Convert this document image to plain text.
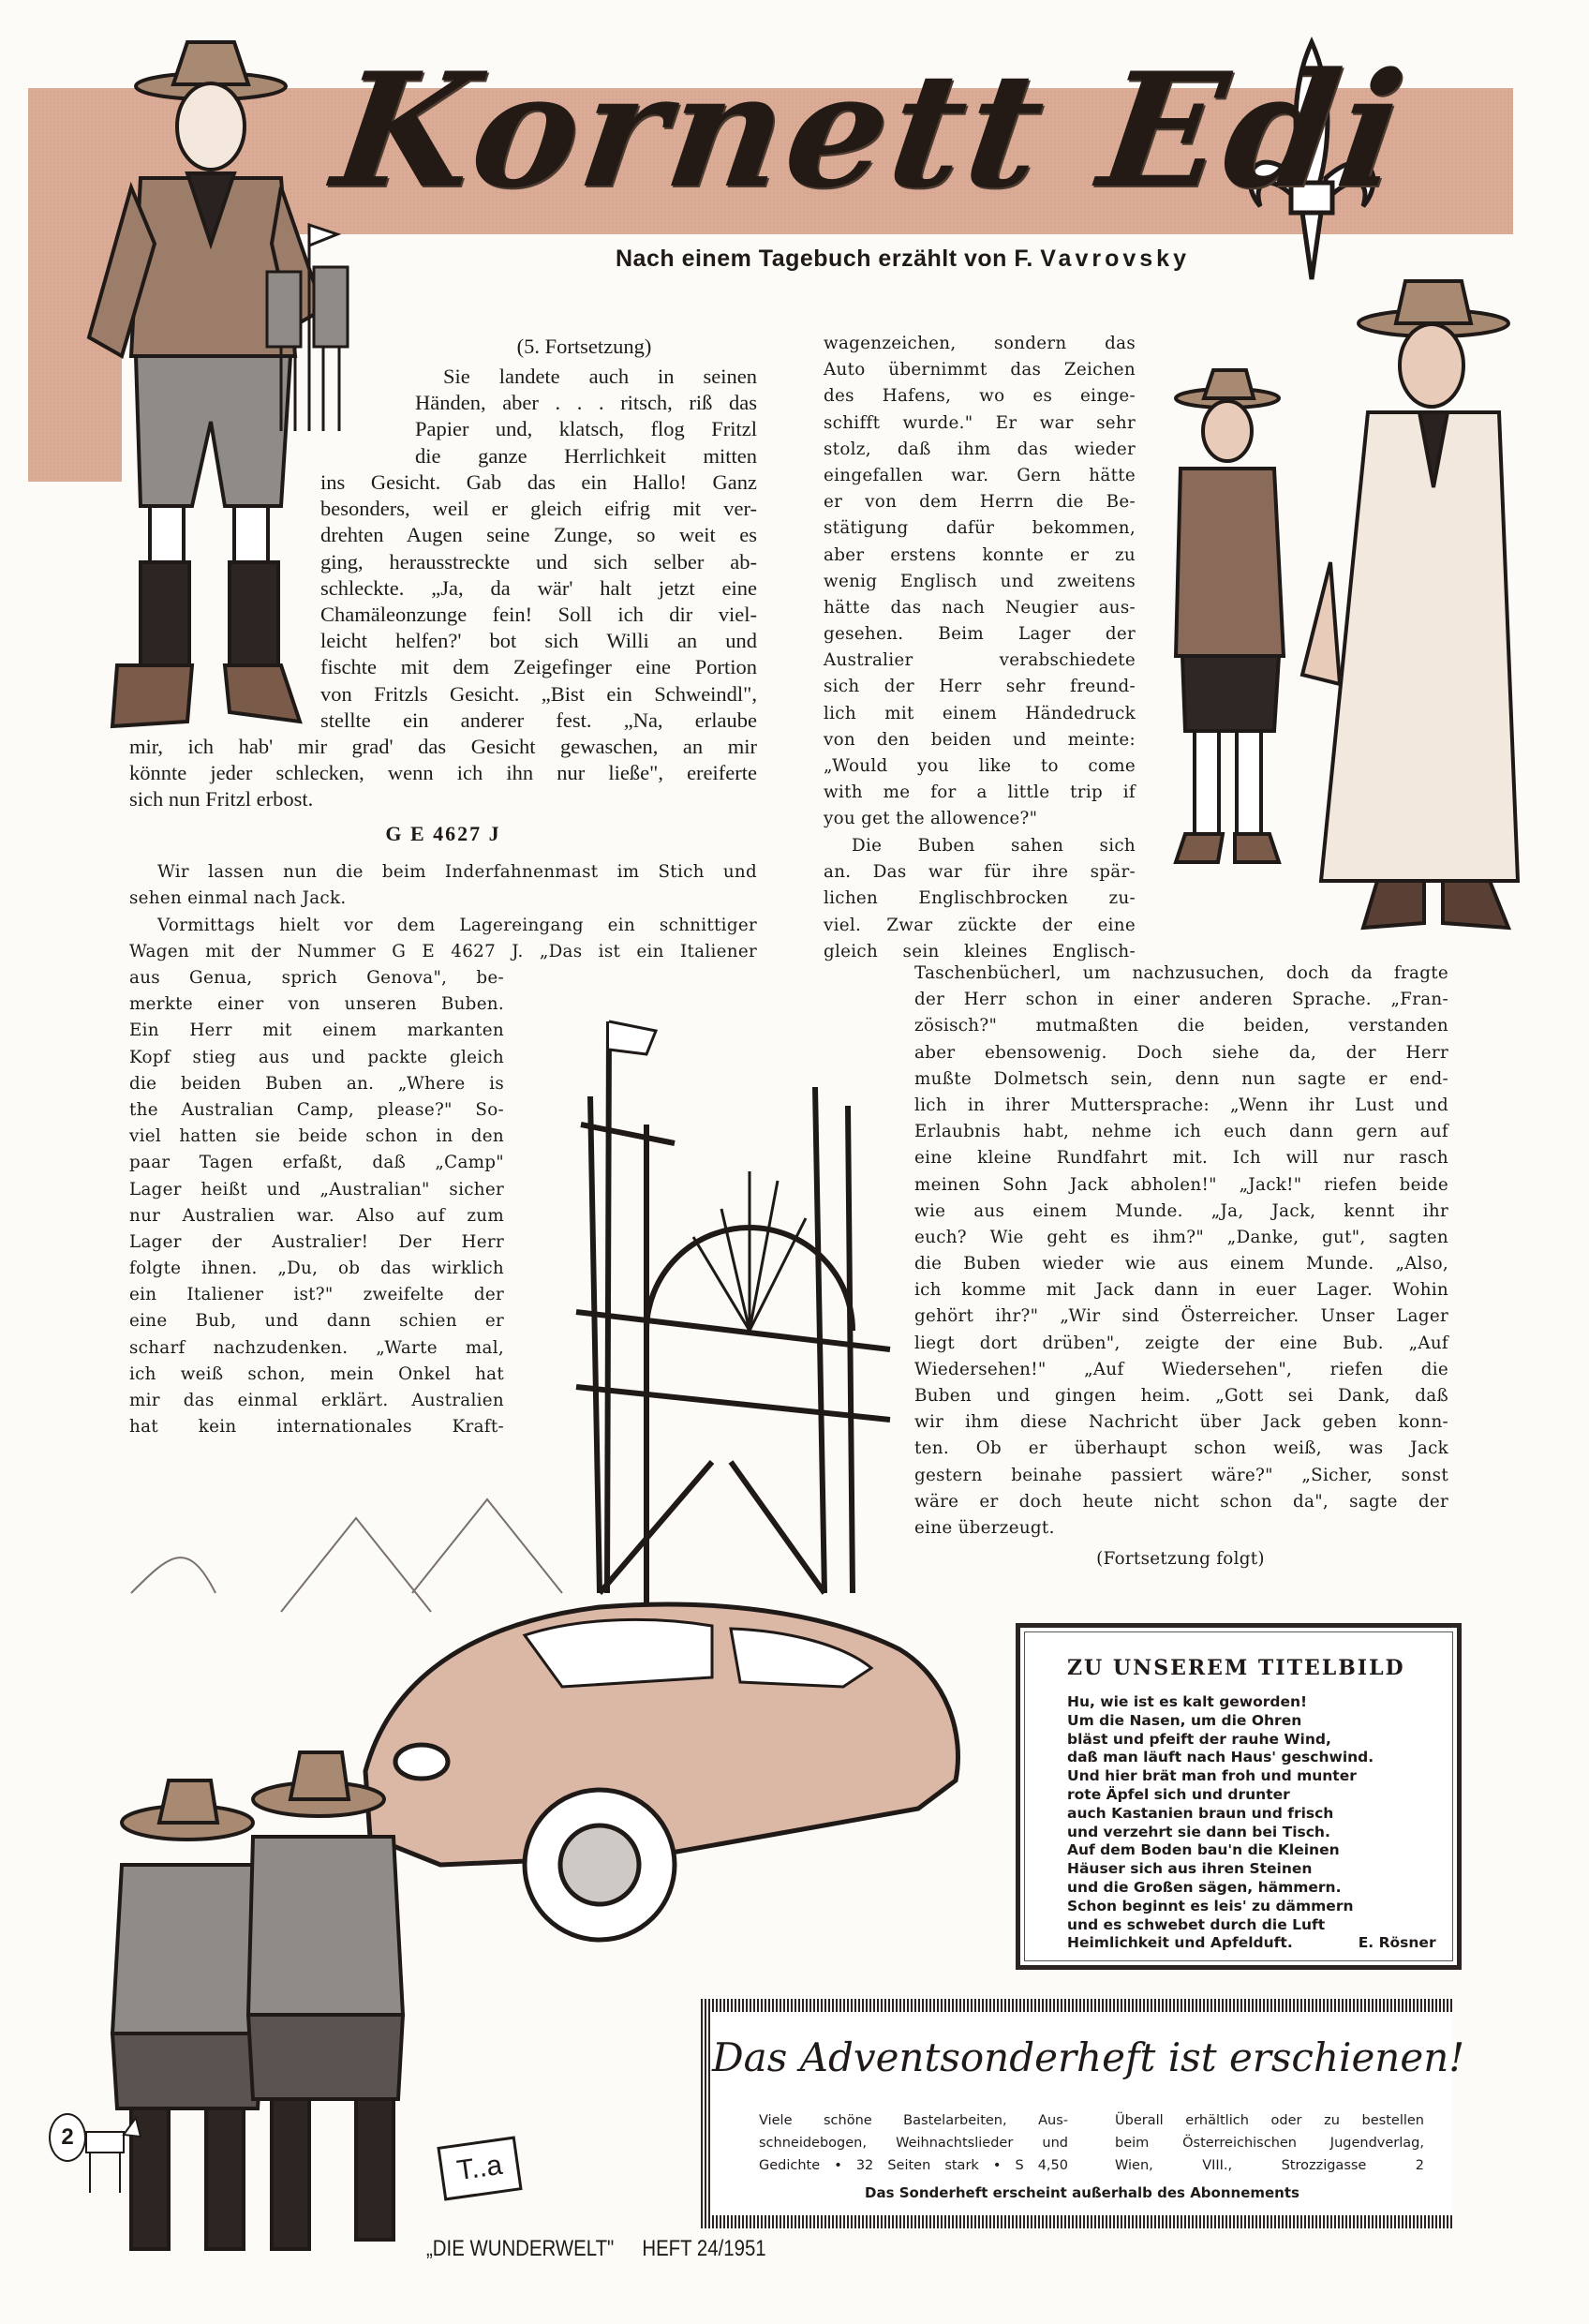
Kornett Edi
Nach einem Tagebuch erzählt von F. Vavrovsky
(5. Fortsetzung)
Sie landete auch in seinen
Händen, aber . . . ritsch, riß das
Papier und, klatsch, flog Fritzl
die ganze Herrlichkeit mitten
ins Gesicht. Gab das ein Hallo! Ganz
besonders, weil er gleich eifrig mit ver-
drehten Augen seine Zunge, so weit es
ging, herausstreckte und sich selber ab-
schleckte. „Ja, da wär' halt jetzt eine
Chamäleonzunge fein! Soll ich dir viel-
leicht helfen?' bot sich Willi an und
fischte mit dem Zeigefinger eine Portion
von Fritzls Gesicht. „Bist ein Schweindl",
stellte ein anderer fest. „Na, erlaube
mir, ich hab' mir grad' das Gesicht gewaschen, an mir
könnte jeder schlecken, wenn ich ihn nur ließe", ereiferte
sich nun Fritzl erbost.
G E 4627 J
Wir lassen nun die beim Inderfahnenmast im Stich und
sehen einmal nach Jack.
Vormittags hielt vor dem Lagereingang ein schnittiger
Wagen mit der Nummer G E 4627 J. „Das ist ein Italiener
aus Genua, sprich Genova", be-
merkte einer von unseren Buben.
Ein Herr mit einem markanten
Kopf stieg aus und packte gleich
die beiden Buben an. „Where is
the Australian Camp, please?" So-
viel hatten sie beide schon in den
paar Tagen erfaßt, daß „Camp"
Lager heißt und „Australian" sicher
nur Australien war. Also auf zum
Lager der Australier! Der Herr
folgte ihnen. „Du, ob das wirklich
ein Italiener ist?" zweifelte der
eine Bub, und dann schien er
scharf nachzudenken. „Warte mal,
ich weiß schon, mein Onkel hat
mir das einmal erklärt. Australien
hat kein internationales Kraft-
wagenzeichen, sondern das
Auto übernimmt das Zeichen
des Hafens, wo es einge-
schifft wurde." Er war sehr
stolz, daß ihm das wieder
eingefallen war. Gern hätte
er von dem Herrn die Be-
stätigung dafür bekommen,
aber erstens konnte er zu
wenig Englisch und zweitens
hätte das nach Neugier aus-
gesehen. Beim Lager der
Australier verabschiedete
sich der Herr sehr freund-
lich mit einem Händedruck
von den beiden und meinte:
„Would you like to come
with me for a little trip if
you get the allowence?"
Die Buben sahen sich
an. Das war für ihre spär-
lichen Englischbrocken zu-
viel. Zwar zückte der eine
gleich sein kleines Englisch-
Taschenbücherl, um nachzusuchen, doch da fragte
der Herr schon in einer anderen Sprache. „Fran-
zösisch?" mutmaßten die beiden, verstanden
aber ebensowenig. Doch siehe da, der Herr
mußte Dolmetsch sein, denn nun sagte er end-
lich in ihrer Muttersprache: „Wenn ihr Lust und
Erlaubnis habt, nehme ich euch dann gern auf
eine kleine Rundfahrt mit. Ich will nur rasch
meinen Sohn Jack abholen!" „Jack!" riefen beide
wie aus einem Munde. „Ja, Jack, kennt ihr
euch? Wie geht es ihm?" „Danke, gut", sagten
die Buben wieder wie aus einem Munde. „Also,
ich komme mit Jack dann in euer Lager. Wohin
gehört ihr?" „Wir sind Österreicher. Unser Lager
liegt dort drüben", zeigte der eine Bub. „Auf
Wiedersehen!" „Auf Wiedersehen", riefen die
Buben und gingen heim. „Gott sei Dank, daß
wir ihm diese Nachricht über Jack geben konn-
ten. Ob er überhaupt schon weiß, was Jack
gestern beinahe passiert wäre?" „Sicher, sonst
wäre er doch heute nicht schon da", sagte der
eine überzeugt.
(Fortsetzung folgt)
ZU UNSEREM TITELBILD
Hu, wie ist es kalt geworden!
Um die Nasen, um die Ohren
bläst und pfeift der rauhe Wind,
daß man läuft nach Haus' geschwind.
Und hier brät man froh und munter
rote Äpfel sich und drunter
auch Kastanien braun und frisch
und verzehrt sie dann bei Tisch.
Auf dem Boden bau'n die Kleinen
Häuser sich aus ihren Steinen
und die Großen sägen, hämmern.
Schon beginnt es leis' zu dämmern
und es schwebet durch die Luft
Heimlichkeit und Apfelduft.	E. Rösner
Das Adventsonderheft ist erschienen!
Viele schöne Bastelarbeiten, Aus-
schneidebogen, Weihnachtslieder und
Gedichte • 32 Seiten stark • S 4,50
Überall erhältlich oder zu bestellen
beim Österreichischen Jugendverlag,
Wien, VIII., Strozzigasse 2
Das Sonderheft erscheint außerhalb des Abonnements
2
T..a
„DIE WUNDERWELT" HEFT 24/1951
